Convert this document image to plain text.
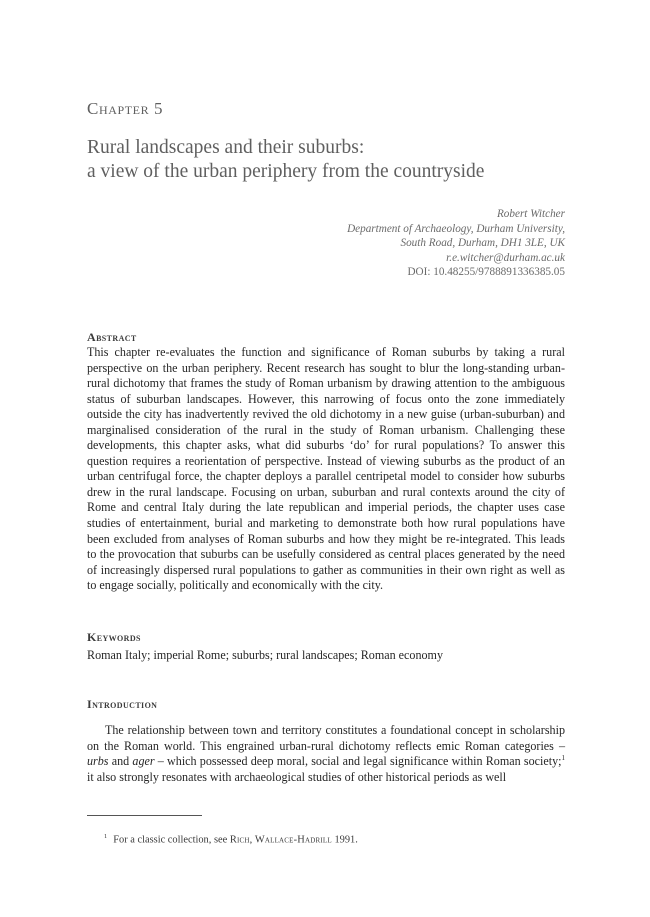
Chapter 5

Rural landscapes and their suburbs:
a view of the urban periphery from the countryside
Robert Witcher
Department of Archaeology, Durham University,
South Road, Durham, DH1 3LE, UK
r.e.witcher@durham.ac.uk
DOI: 10.48255/9788891336385.05
Abstract

This chapter re-evaluates the function and significance of Roman suburbs by taking a rural perspective on the urban periphery. Recent research has sought to blur the long-standing urban-rural dichotomy that frames the study of Roman urbanism by drawing attention to the ambiguous status of suburban landscapes. However, this narrowing of focus onto the zone immediately outside the city has inadvertently revived the old dichotomy in a new guise (urban-suburban) and marginalised consideration of the rural in the study of Roman urbanism. Challenging these developments, this chapter asks, what did suburbs ‘do’ for rural populations? To answer this question requires a reorientation of perspective. Instead of viewing suburbs as the product of an urban centrifugal force, the chapter deploys a parallel centripetal model to consider how suburbs drew in the rural landscape. Focusing on urban, suburban and rural contexts around the city of Rome and central Italy during the late republican and imperial periods, the chapter uses case studies of entertainment, burial and marketing to demonstrate both how rural populations have been excluded from analyses of Roman suburbs and how they might be re-integrated. This leads to the provocation that suburbs can be usefully considered as central places generated by the need of increasingly dispersed rural populations to gather as communities in their own right as well as to engage socially, politically and economically with the city.

Keywords

Roman Italy; imperial Rome; suburbs; rural landscapes; Roman economy

Introduction

The relationship between town and territory constitutes a foundational concept in scholarship on the Roman world. This engrained urban-rural dichotomy reflects emic Roman categories – urbs and ager – which possessed deep moral, social and legal significance within Roman society;$^1$ it also strongly resonates with archaeological studies of other historical periods as well

$^1$ For a classic collection, see Rich, Wallace-Hadrill 1991.
